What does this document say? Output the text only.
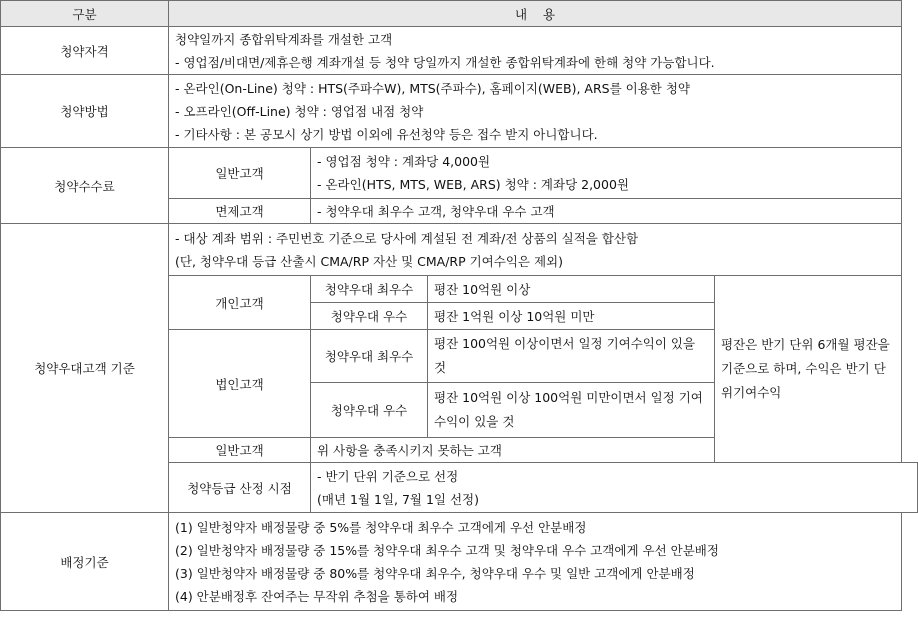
구분	내    용			
청약자격	청약일까지 종합위탁계좌를 개설한 고객
- 영업점/비대면/제휴은행 계좌개설 등 청약 당일까지 개설한 종합위탁계좌에 한해 청약 가능합니다.			

청약방법	- 온라인(On-Line) 청약 : HTS(주파수W), MTS(주파수), 홈페이지(WEB), ARS를 이용한 청약
- 오프라인(Off-Line) 청약 : 영업점 내점 청약
- 기타사항 : 본 공모시 상기 방법 이외에 유선청약 등은 접수 받지 아니합니다.			

청약수수료	일반고객	- 영업점 청약 : 계좌당 4,000원
- 온라인(HTS, MTS, WEB, ARS) 청약 : 계좌당 2,000원		

	면제고객	- 청약우대 최우수 고객, 청약우대 우수 고객		
청약우대고객 기준	- 대상 계좌 범위 : 주민번호 기준으로 당사에 계설된 전 계좌/전 상품의 실적을 합산함
(단, 청약우대 등급 산출시 CMA/RP 자산 및 CMA/RP 기여수익은 제외)			

	개인고객	청약우대 최우수	평잔 10억원 이상	평잔은 반기 단위 6개월 평잔을기준으로 하며, 수익은 반기 단위기여수익

		청약우대 우수	평잔 1억원 이상 10억원 미만	
	법인고객	청약우대 최우수	평잔 100억원 이상이면서 일정 기여수익이 있을 것	

		청약우대 우수	평잔 10억원 이상 100억원 미만이면서 일정 기여수익이 있을 것	

	일반고객	위 사항을 충족시키지 못하는 고객		
	청약등급 산정 시점	- 반기 단위 기준으로 선정
(매년 1월 1일, 7월 1일 선정)		

배정기준	(1) 일반청약자 배정물량 중 5%를 청약우대 최우수 고객에게 우선 안분배정
(2) 일반청약자 배정물량 중 15%를 청약우대 최우수 고객 및 청약우대 우수 고객에게 우선 안분배정
(3) 일반청약자 배정물량 중 80%를 청약우대 최우수, 청약우대 우수 및 일반 고객에게 안분배정
(4) 안분배정후 잔여주는 무작위 추첨을 통하여 배정			
